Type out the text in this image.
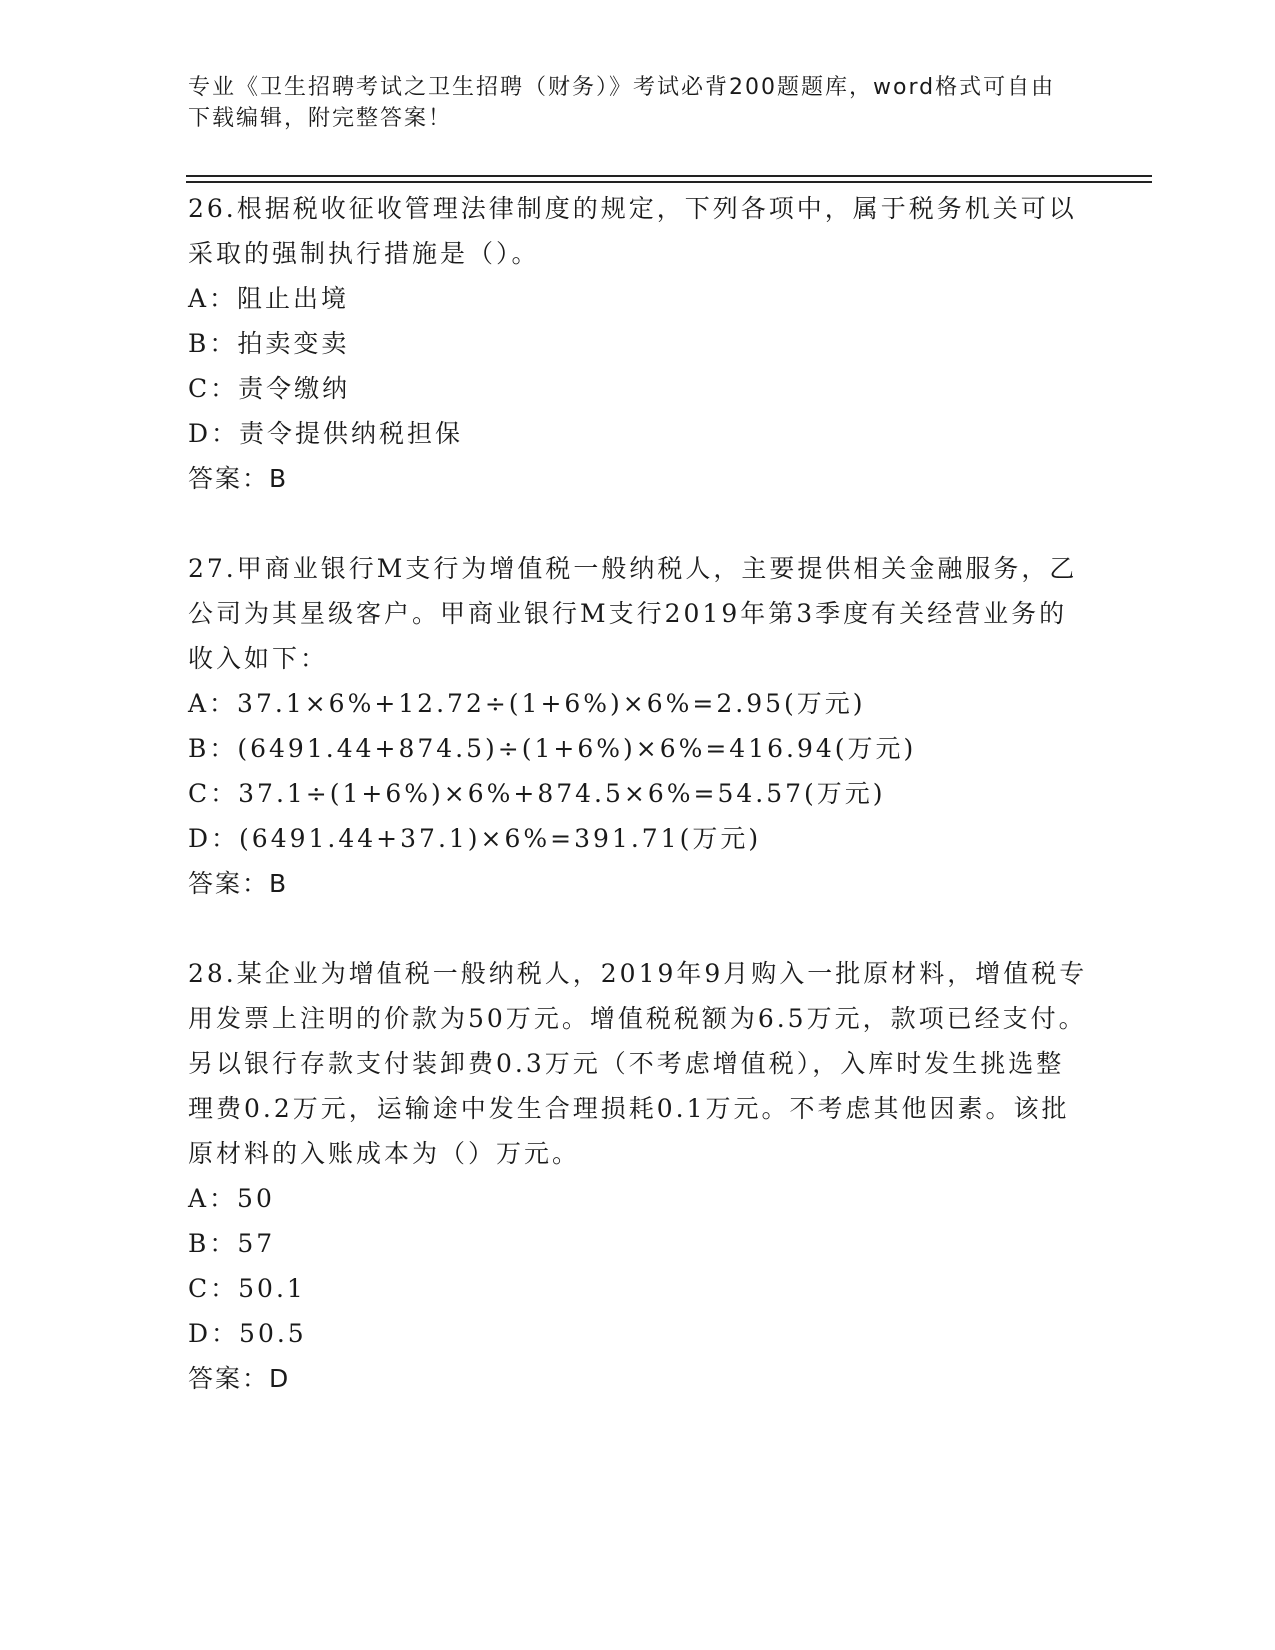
专业《卫生招聘考试之卫生招聘（财务）》考试必背200题题库，word格式可自由下载编辑，附完整答案！

26.根据税收征收管理法律制度的规定，下列各项中，属于税务机关可以采取的强制执行措施是（）。

A：阻止出境

B：拍卖变卖

C：责令缴纳

D：责令提供纳税担保

答案：B

27.甲商业银行M支行为增值税一般纳税人，主要提供相关金融服务，乙公司为其星级客户。甲商业银行M支行2019年第3季度有关经营业务的收入如下：

A：37.1×6%+12.72÷(1+6%)×6%=2.95(万元)

B：(6491.44+874.5)÷(1+6%)×6%=416.94(万元)

C：37.1÷(1+6%)×6%+874.5×6%=54.57(万元)

D：(6491.44+37.1)×6%=391.71(万元)

答案：B

28.某企业为增值税一般纳税人，2019年9月购入一批原材料，增值税专用发票上注明的价款为50万元。增值税税额为6.5万元，款项已经支付。另以银行存款支付装卸费0.3万元（不考虑增值税），入库时发生挑选整理费0.2万元，运输途中发生合理损耗0.1万元。不考虑其他因素。该批原材料的入账成本为（）万元。

A：50

B：57

C：50.1

D：50.5

答案：D
